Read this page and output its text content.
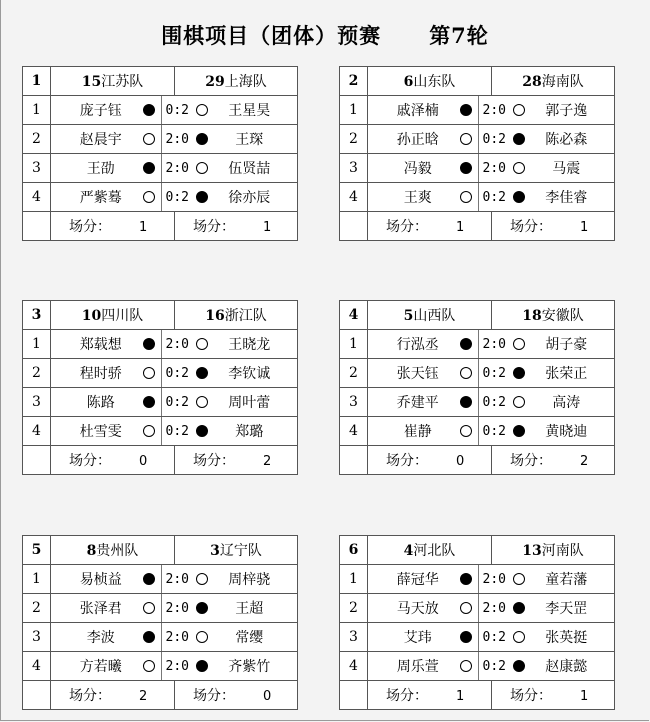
围棋项目（团体）预赛 第7轮
1	15江苏队	29上海队
1	庞子钰 0:2 王星昊	

2	赵晨宇 2:0 王琛	

3	王劭 2:0 伍贤喆	

4	严紫蓦 0:2 徐亦辰	

	场分： 1	场分： 1
2	6山东队	28海南队
1	戚泽楠 2:0 郭子逸	

2	孙正晗 0:2 陈必森	

3	冯毅 2:0 马震	

4	王爽 0:2 李佳睿	

	场分： 1	场分： 1
3	10四川队	16浙江队
1	郑载想 2:0 王晓龙	

2	程时骄 0:2 李钦诚	

3	陈路 0:2 周叶蕾	

4	杜雪雯 0:2 郑璐	

	场分： 0	场分： 2
4	5山西队	18安徽队
1	行泓丞 2:0 胡子豪	

2	张天钰 0:2 张荣正	

3	乔建平 0:2 高涛	

4	崔静 0:2 黄晓迪	

	场分： 0	场分： 2
5	8贵州队	3辽宁队
1	易桢益 2:0 周梓骁	

2	张泽君 2:0 王超	

3	李波 2:0 常缨	

4	方若曦 2:0 齐紫竹	

	场分： 2	场分： 0
6	4河北队	13河南队
1	薛冠华 2:0 童若藩	

2	马天放 2:0 李天罡	

3	艾玮 0:2 张英挺	

4	周乐萱 0:2 赵康懿	

	场分： 1	场分： 1
